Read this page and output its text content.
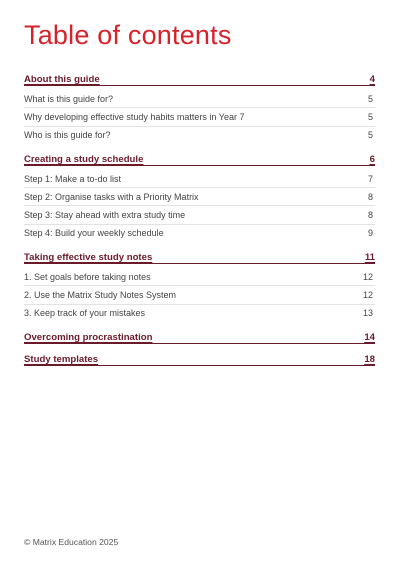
Table of contents
About this guide	4
What is this guide for?	5
Why developing effective study habits matters in Year 7	5
Who is this guide for?	5
Creating a study schedule	6
Step 1: Make a to-do list	7
Step 2: Organise tasks with a Priority Matrix	8
Step 3: Stay ahead with extra study time	8
Step 4: Build your weekly schedule	9
Taking effective study notes	11
1. Set goals before taking notes	12
2. Use the Matrix Study Notes System	12
3. Keep track of your mistakes	13
Overcoming procrastination	14
Study templates	18
© Matrix Education 2025
